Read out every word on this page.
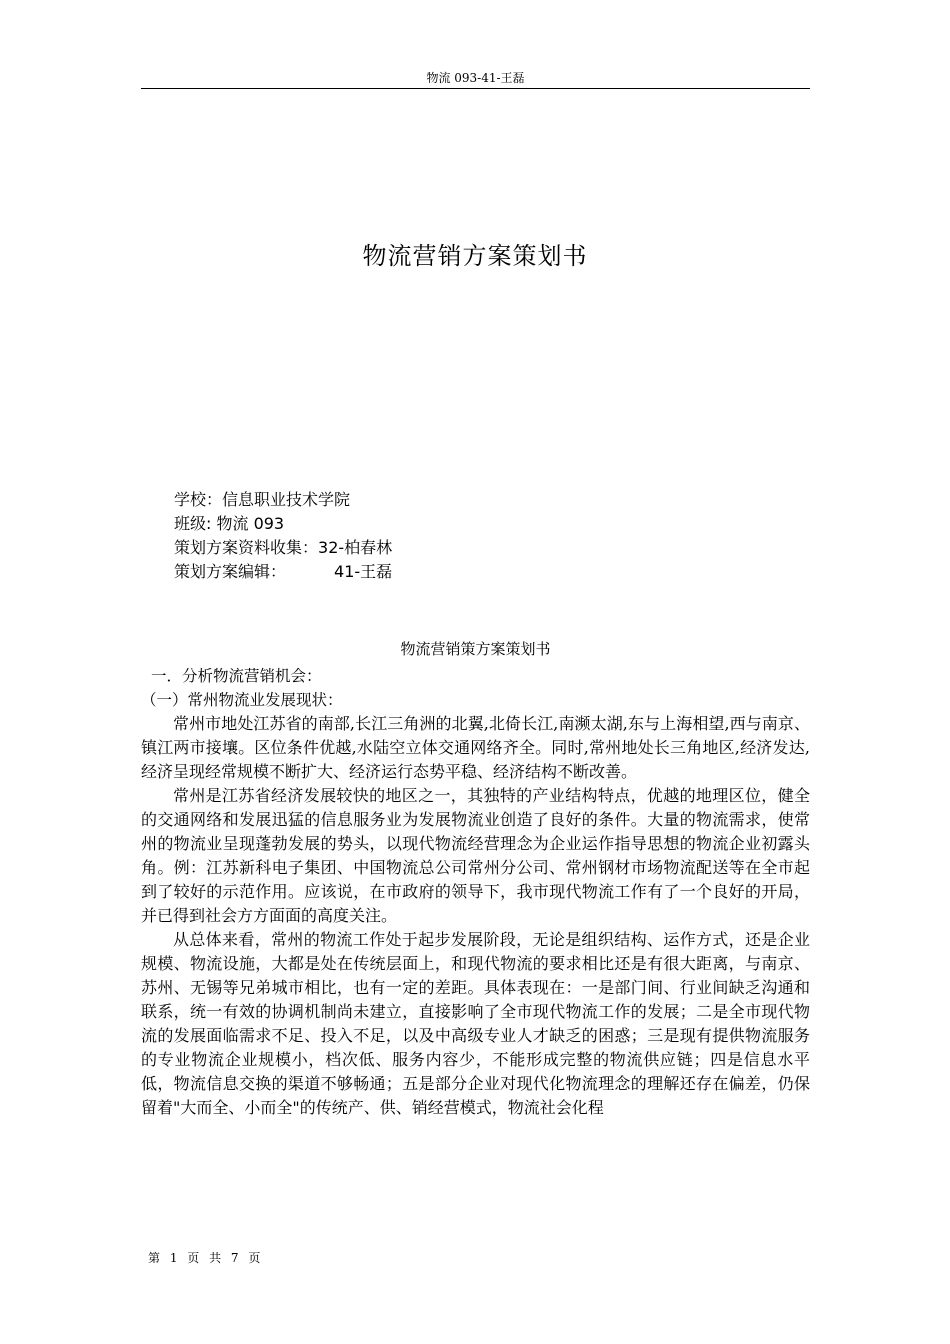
物流 093-41-王磊
物流营销方案策划书
学校：信息职业技术学院
班级: 物流 093
策划方案资料收集：32-柏春林
策划方案编辑：	41-王磊
物流营销策方案策划书

一．分析物流营销机会：

（一）常州物流业发展现状：

常州市地处江苏省的南部,长江三角洲的北翼,北倚长江,南濒太湖,东与上海相望,西与南京、镇江两市接壤。区位条件优越,水陆空立体交通网络齐全。同时,常州地处长三角地区,经济发达,经济呈现经常规模不断扩大、经济运行态势平稳、经济结构不断改善。

常州是江苏省经济发展较快的地区之一，其独特的产业结构特点，优越的地理区位，健全的交通网络和发展迅猛的信息服务业为发展物流业创造了良好的条件。大量的物流需求，使常州的物流业呈现蓬勃发展的势头，以现代物流经营理念为企业运作指导思想的物流企业初露头角。例：江苏新科电子集团、中国物流总公司常州分公司、常州钢材市场物流配送等在全市起到了较好的示范作用。应该说，在市政府的领导下，我市现代物流工作有了一个良好的开局，并已得到社会方方面面的高度关注。

从总体来看，常州的物流工作处于起步发展阶段，无论是组织结构、运作方式，还是企业规模、物流设施，大都是处在传统层面上，和现代物流的要求相比还是有很大距离，与南京、苏州、无锡等兄弟城市相比，也有一定的差距。具体表现在：一是部门间、行业间缺乏沟通和联系，统一有效的协调机制尚未建立，直接影响了全市现代物流工作的发展；二是全市现代物流的发展面临需求不足、投入不足，以及中高级专业人才缺乏的困惑；三是现有提供物流服务的专业物流企业规模小，档次低、服务内容少，不能形成完整的物流供应链；四是信息水平低，物流信息交换的渠道不够畅通；五是部分企业对现代化物流理念的理解还存在偏差，仍保留着"大而全、小而全"的传统产、供、销经营模式，物流社会化程

第 1 页 共 7 页
